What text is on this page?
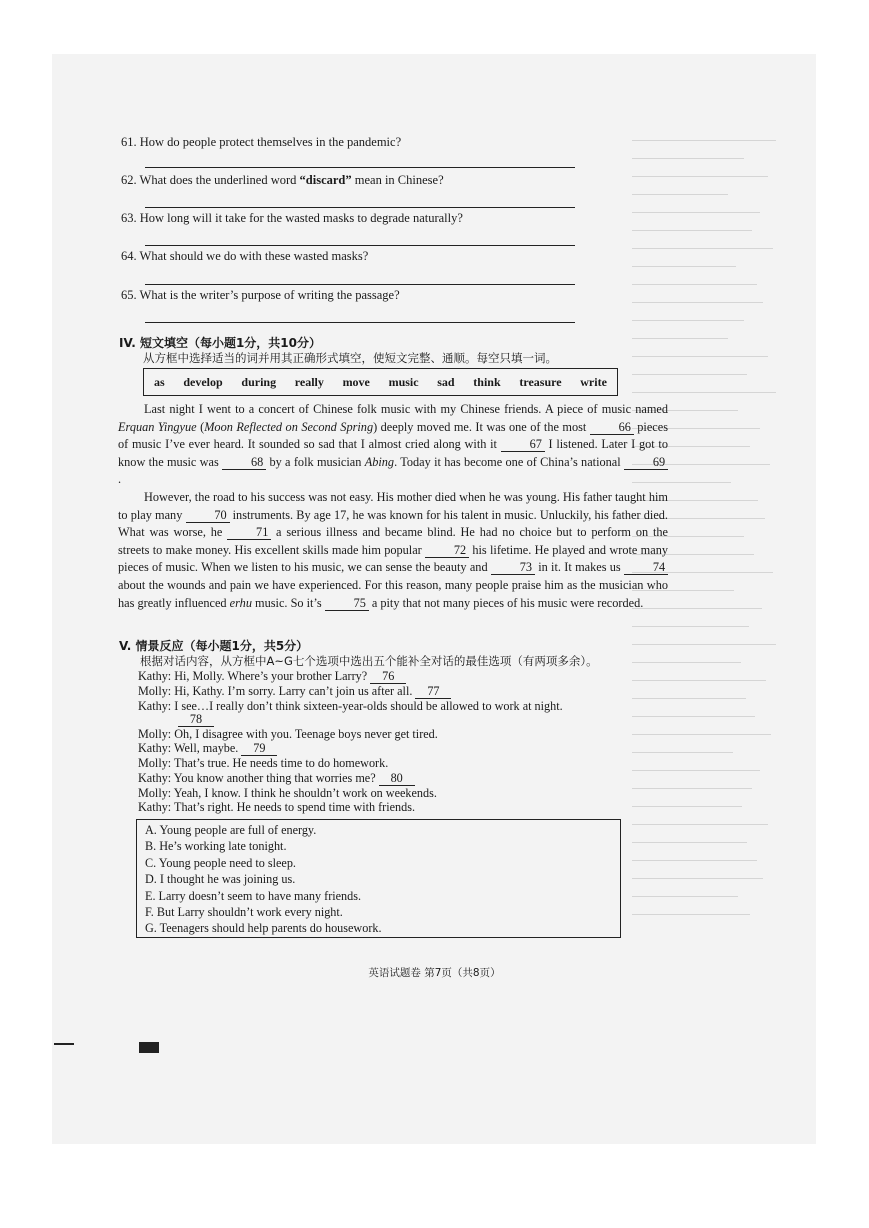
61. How do people protect themselves in the pandemic?
62. What does the underlined word “discard” mean in Chinese?
63. How long will it take for the wasted masks to degrade naturally?
64. What should we do with these wasted masks?
65. What is the writer’s purpose of writing the passage?
IV. 短文填空（每小题1分，共10分）
从方框中选择适当的词并用其正确形式填空，使短文完整、通顺。每空只填一词。
as develop during really move music sad think treasure write

Last night I went to a concert of Chinese folk music with my Chinese friends. A piece of music named Erquan Yingyue (Moon Reflected on Second Spring) deeply moved me. It was one of the most 66 pieces of music I’ve ever heard. It sounded so sad that I almost cried along with it 67 I listened. Later I got to know the music was 68 by a folk musician Abing. Today it has become one of China’s national 69 .

However, the road to his success was not easy. His mother died when he was young. His father taught him to play many 70 instruments. By age 17, he was known for his talent in music. Unluckily, his father died. What was worse, he 71 a serious illness and became blind. He had no choice but to perform on the streets to make money. His excellent skills made him popular 72 his lifetime. He played and wrote many pieces of music. When we listen to his music, we can sense the beauty and 73 in it. It makes us 74 about the wounds and pain we have experienced. For this reason, many people praise him as the musician who has greatly influenced erhu music. So it’s 75 a pity that not many pieces of his music were recorded.

V. 情景反应（每小题1分，共5分）
根据对话内容，从方框中A~G七个选项中选出五个能补全对话的最佳选项（有两项多余）。
Kathy: Hi, Molly. Where’s your brother Larry? 76
Molly: Hi, Kathy. I’m sorry. Larry can’t join us after all. 77
Kathy: I see…I really don’t think sixteen-year-olds should be allowed to work at night.
78
Molly: Oh, I disagree with you. Teenage boys never get tired.
Kathy: Well, maybe. 79
Molly: That’s true. He needs time to do homework.
Kathy: You know another thing that worries me? 80
Molly: Yeah, I know. I think he shouldn’t work on weekends.
Kathy: That’s right. He needs to spend time with friends.
A. Young people are full of energy.
B. He’s working late tonight.
C. Young people need to sleep.
D. I thought he was joining us.
E. Larry doesn’t seem to have many friends.
F. But Larry shouldn’t work every night.
G. Teenagers should help parents do housework.
英语试题卷 第7页（共8页）
